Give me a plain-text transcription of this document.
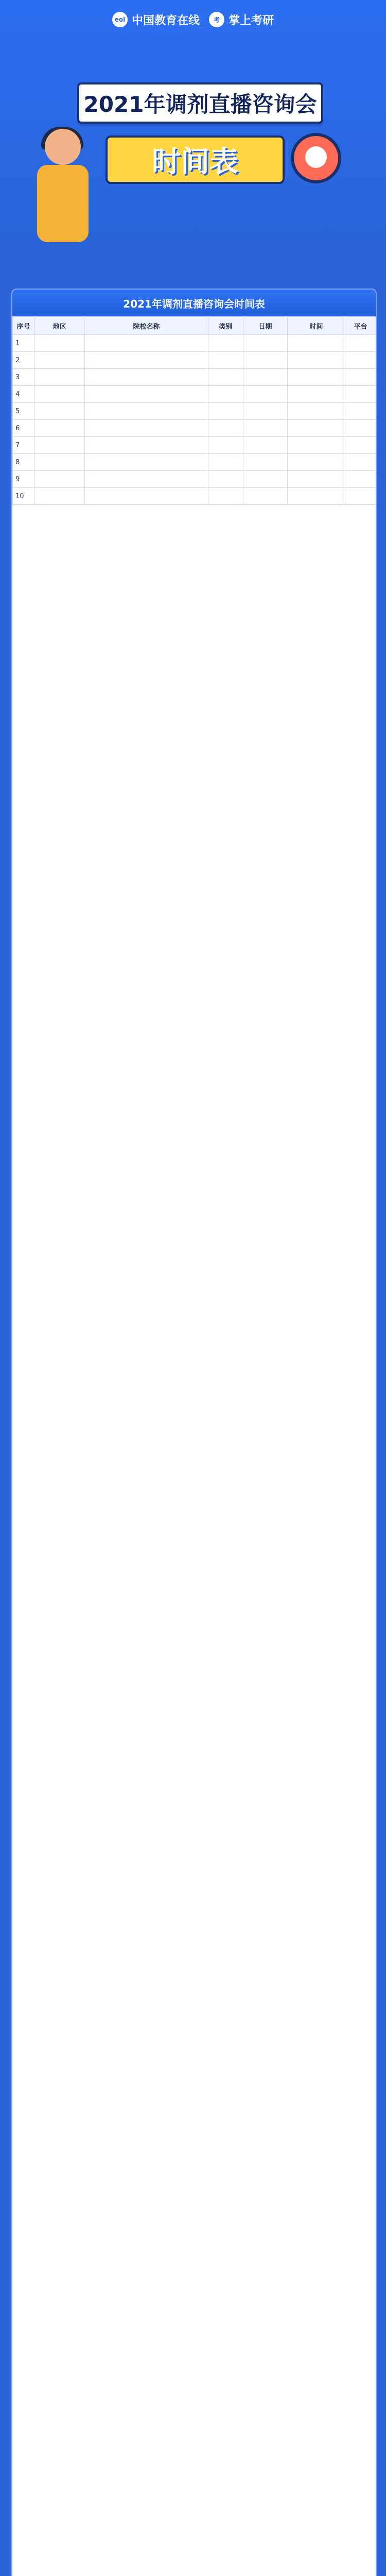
eol 中国教育在线	考 掌上考研
2021年调剂直播咨询会
时间表
2021年调剂直播咨询会时间表
序号	地区	院校名称	类别	日期	时间	平台
1						
2						
3						
4						
5						
6						
7						
8						
9						
10						
